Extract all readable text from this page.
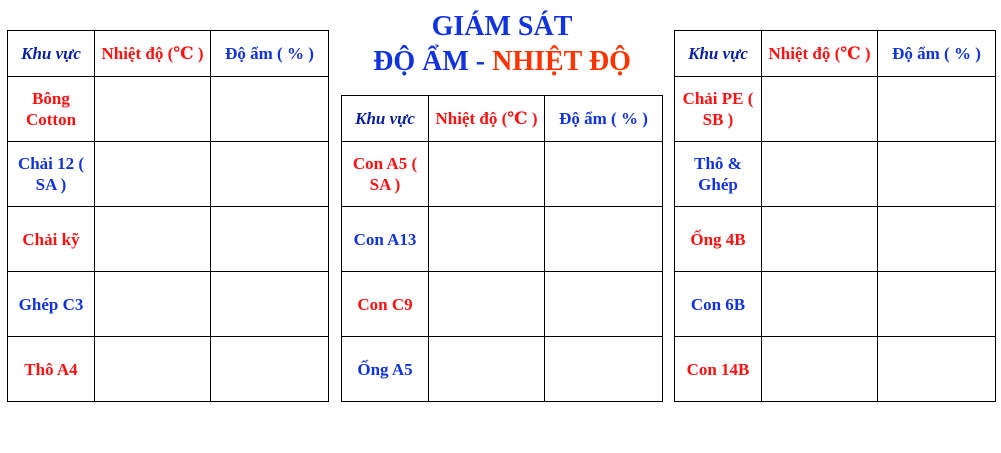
GIÁM SÁT
ĐỘ ẨM - NHIỆT ĐỘ
Khu vực	Nhiệt độ (℃ )	Độ ẩm ( % )
Bông Cotton		
Chải 12 ( SA )		
Chải kỹ		
Ghép C3		
Thô A4		
Khu vực	Nhiệt độ (℃ )	Độ ẩm ( % )
Con A5 ( SA )		
Con A13		
Con C9		
Ống A5		
Khu vực	Nhiệt độ (℃ )	Độ ẩm ( % )
Chải PE ( SB )		
Thô & Ghép		
Ống 4B		
Con 6B		
Con 14B		
